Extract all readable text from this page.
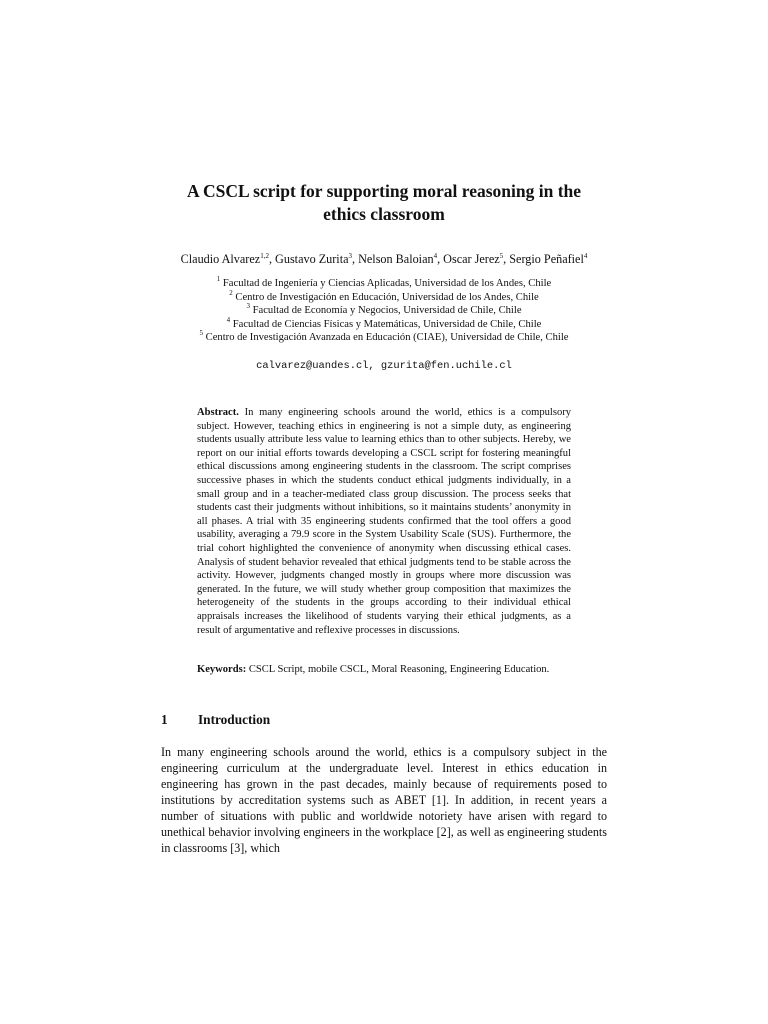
A CSCL script for supporting moral reasoning in the
ethics classroom
Claudio Alvarez$^{1,2}$, Gustavo Zurita$^3$, Nelson Baloian$^4$, Oscar Jerez$^5$, Sergio Peñafiel$^4$
$^1$ Facultad de Ingeniería y Ciencias Aplicadas, Universidad de los Andes, Chile
$^2$ Centro de Investigación en Educación, Universidad de los Andes, Chile
$^3$ Facultad de Economía y Negocios, Universidad de Chile, Chile
$^4$ Facultad de Ciencias Físicas y Matemáticas, Universidad de Chile, Chile
$^5$ Centro de Investigación Avanzada en Educación (CIAE), Universidad de Chile, Chile
calvarez@uandes.cl, gzurita@fen.uchile.cl

Abstract. In many engineering schools around the world, ethics is a compulsory subject. However, teaching ethics in engineering is not a simple duty, as engineering students usually attribute less value to learning ethics than to other subjects. Hereby, we report on our initial efforts towards developing a CSCL script for fostering meaningful ethical discussions among engineering students in the classroom. The script comprises successive phases in which the students conduct ethical judgments individually, in a small group and in a teacher-mediated class group discussion. The process seeks that students cast their judgments without inhibitions, so it maintains students’ anonymity in all phases. A trial with 35 engineering students confirmed that the tool offers a good usability, averaging a 79.9 score in the System Usability Scale (SUS). Furthermore, the trial cohort highlighted the convenience of anonymity when discussing ethical cases. Analysis of student behavior revealed that ethical judgments tend to be stable across the activity. However, judgments changed mostly in groups where more discussion was generated. In the future, we will study whether group composition that maximizes the heterogeneity of the students in the groups according to their individual ethical appraisals increases the likelihood of students varying their ethical judgments, as a result of argumentative and reflexive processes in discussions.

Keywords: CSCL Script, mobile CSCL, Moral Reasoning, Engineering Education.

1 Introduction

In many engineering schools around the world, ethics is a compulsory subject in the engineering curriculum at the undergraduate level. Interest in ethics education in engineering has grown in the past decades, mainly because of requirements posed to institutions by accreditation systems such as ABET [1]. In addition, in recent years a number of situations with public and worldwide notoriety have arisen with regard to unethical behavior involving engineers in the workplace [2], as well as engineering students in classrooms [3], which
